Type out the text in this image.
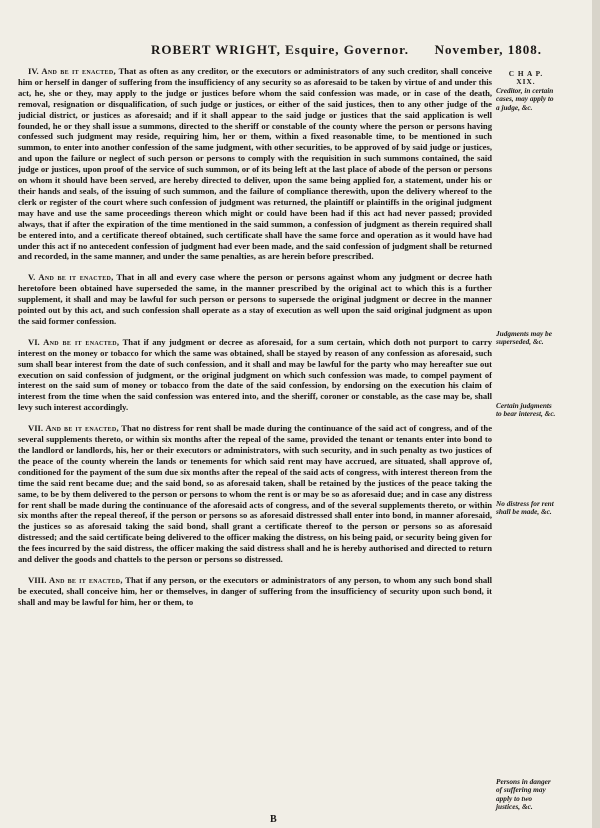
ROBERT WRIGHT, Esquire, Governor. November, 1808.

IV. And be it enacted, That as often as any creditor, or the executors or administrators of any such creditor, shall conceive him or herself in danger of suffering from the insufficiency of any security so as aforesaid to be taken by virtue of and under this act, he, she or they, may apply to the judge or justices before whom the said confession was made, or in case of the death, removal, resignation or disqualification, of such judge or justices, or either of the said justices, then to any other judge of the judicial district, or justices as aforesaid; and if it shall appear to the said judge or justices that the said application is well founded, he or they shall issue a summons, directed to the sheriff or constable of the county where the person or persons having confessed such judgment may reside, requiring him, her or them, within a fixed reasonable time, to be mentioned in such summon, to enter into another confession of the same judgment, with other securities, to be approved of by said judge or justices, and upon the failure or neglect of such person or persons to comply with the requisition in such summons contained, the said judge or justices, upon proof of the service of such summon, or of its being left at the last place of abode of the person or persons on whom it should have been served, are hereby directed to deliver, upon the same being applied for, a statement, under his or their hands and seals, of the issuing of such summon, and the failure of compliance therewith, upon the delivery whereof to the clerk or register of the court where such confession of judgment was returned, the plaintiff or plaintiffs in the original judgment may have and use the same proceedings thereon which might or could have been had if this act had never passed; provided always, that if after the expiration of the time mentioned in the said summon, a confession of judgment as therein required shall be entered into, and a certificate thereof obtained, such certificate shall have the same force and operation as it would have had under this act if no antecedent confession of judgment had ever been made, and the said confession of judgment shall be returned and recorded, in the same manner, and under the same penalties, as are herein before prescribed.

V. And be it enacted, That in all and every case where the person or persons against whom any judgment or decree hath heretofore been obtained have superseded the same, in the manner prescribed by the original act to which this is a further supplement, it shall and may be lawful for such person or persons to supersede the original judgment or decree in the manner pointed out by this act, and such confession shall operate as a stay of execution as well upon the said original judgment as upon the said former confession.

VI. And be it enacted, That if any judgment or decree as aforesaid, for a sum certain, which doth not purport to carry interest on the money or tobacco for which the same was obtained, shall be stayed by reason of any confession as aforesaid, such sum shall bear interest from the date of such confession, and it shall and may be lawful for the party who may hereafter sue out execution on said confession of judgment, or the original judgment on which such confession was made, to compel payment of interest on the said sum of money or tobacco from the date of the said confession, by endorsing on the execution his claim of interest from the time when the said confession was entered into, and the sheriff, coroner or constable, as the case may be, shall levy such interest accordingly.

VII. And be it enacted, That no distress for rent shall be made during the continuance of the said act of congress, and of the several supplements thereto, or within six months after the repeal of the same, provided the tenant or tenants enter into bond to the landlord or landlords, his, her or their executors or administrators, with such security, and in such penalty as two justices of the peace of the county wherein the lands or tenements for which said rent may have accrued, are situated, shall approve of, conditioned for the payment of the sum due six months after the repeal of the said acts of congress, with interest thereon from the time the said rent became due; and the said bond, so as aforesaid taken, shall be retained by the justices of the peace taking the same, to be by them delivered to the person or persons to whom the rent is or may be so as aforesaid due; and in case any distress for rent shall be made during the continuance of the aforesaid acts of congress, and of the several supplements thereto, or within six months after the repeal thereof, if the person or persons so as aforesaid distressed shall enter into bond, in manner aforesaid, the justices so as aforesaid taking the said bond, shall grant a certificate thereof to the person or persons so as aforesaid distressed; and the said certificate being delivered to the officer making the distress, on his being paid, or security being given for the fees incurred by the said distress, the officer making the said distress shall and he is hereby authorised and directed to return and deliver the goods and chattels to the person or persons so distressed.

VIII. And be it enacted, That if any person, or the executors or administrators of any person, to whom any such bond shall be executed, shall conceive him, her or themselves, in danger of suffering from the insufficiency of security upon such bond, it shall and may be lawful for him, her or them, to

C H A P.
XIX.
Creditor, in certain cases, may apply to a judge, &c.
Judgments may be superseded, &c.
Certain judgments to bear interest, &c.
No distress for rent shall be made, &c.
Persons in danger of suffering may apply to two justices, &c.
B
